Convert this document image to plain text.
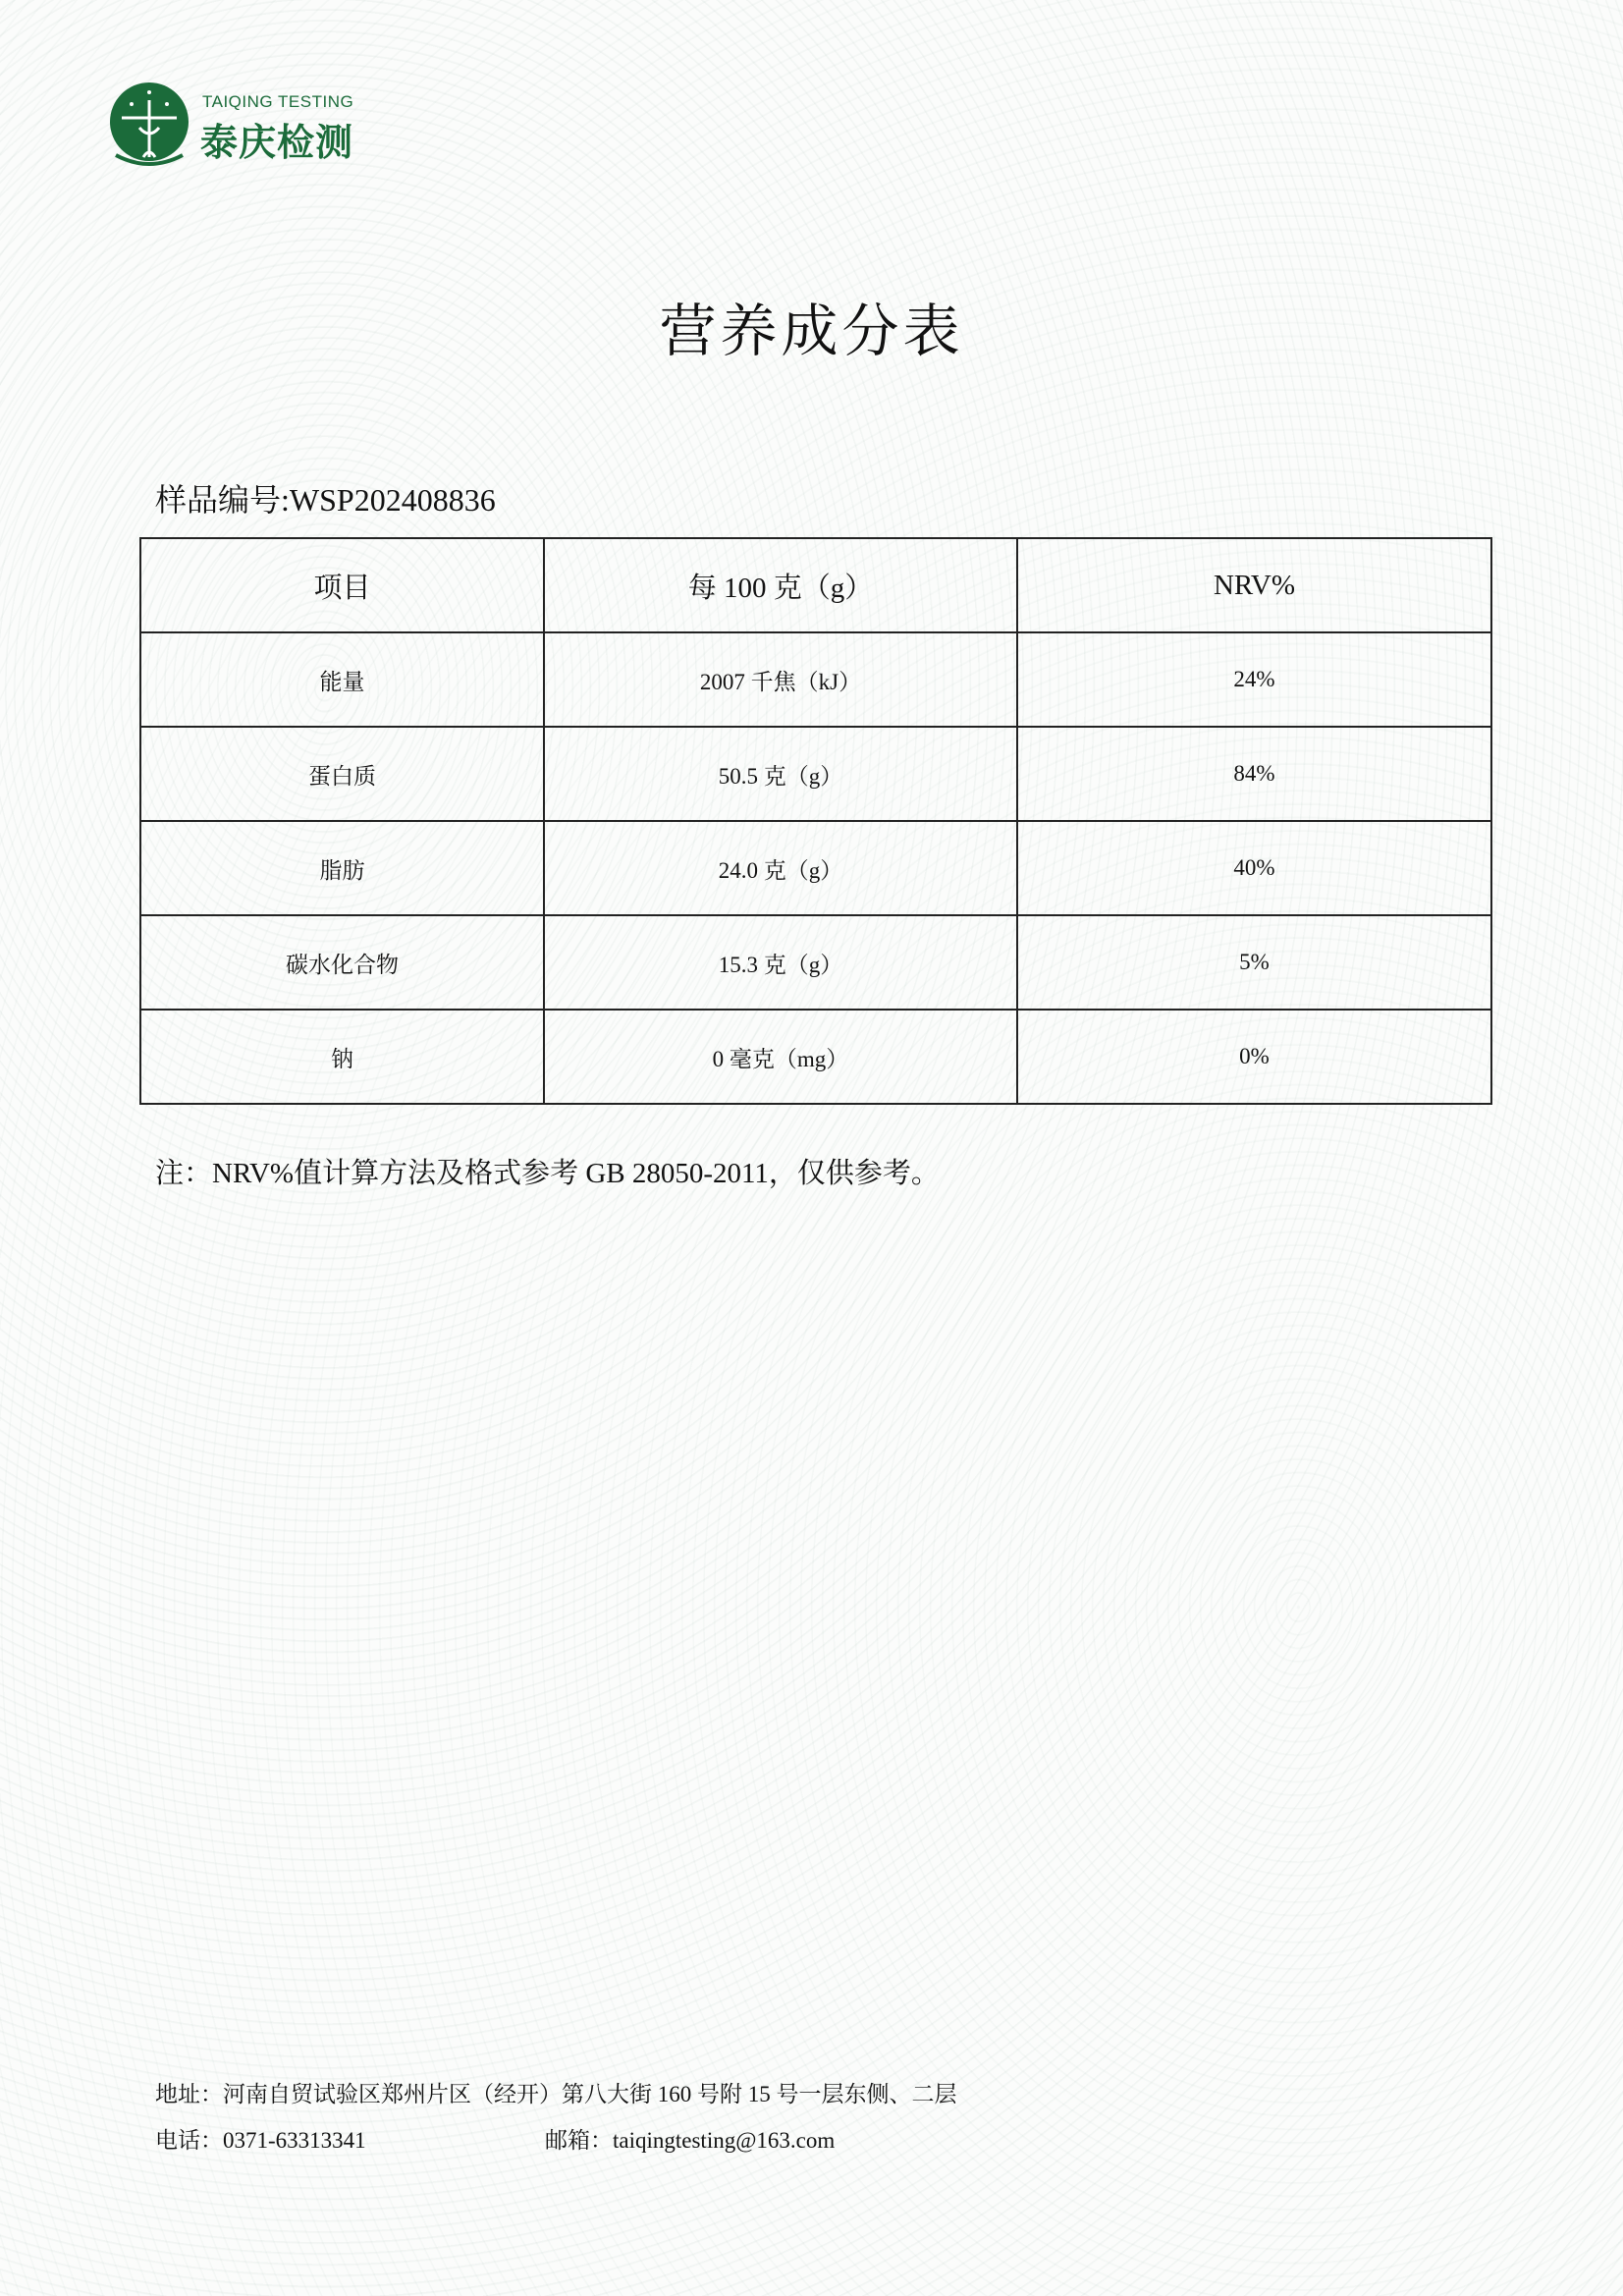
TAIQING TESTING
泰庆检测
营养成分表
样品编号:WSP202408836
项目	每 100 克（g）	NRV%
能量	2007 千焦（kJ）	24%
蛋白质	50.5 克（g）	84%
脂肪	24.0 克（g）	40%
碳水化合物	15.3 克（g）	5%
钠	0 毫克（mg）	0%
注：NRV%值计算方法及格式参考 GB 28050-2011，仅供参考。
地址：河南自贸试验区郑州片区（经开）第八大街 160 号附 15 号一层东侧、二层
电话：0371-63313341	邮箱：taiqingtesting@163.com
